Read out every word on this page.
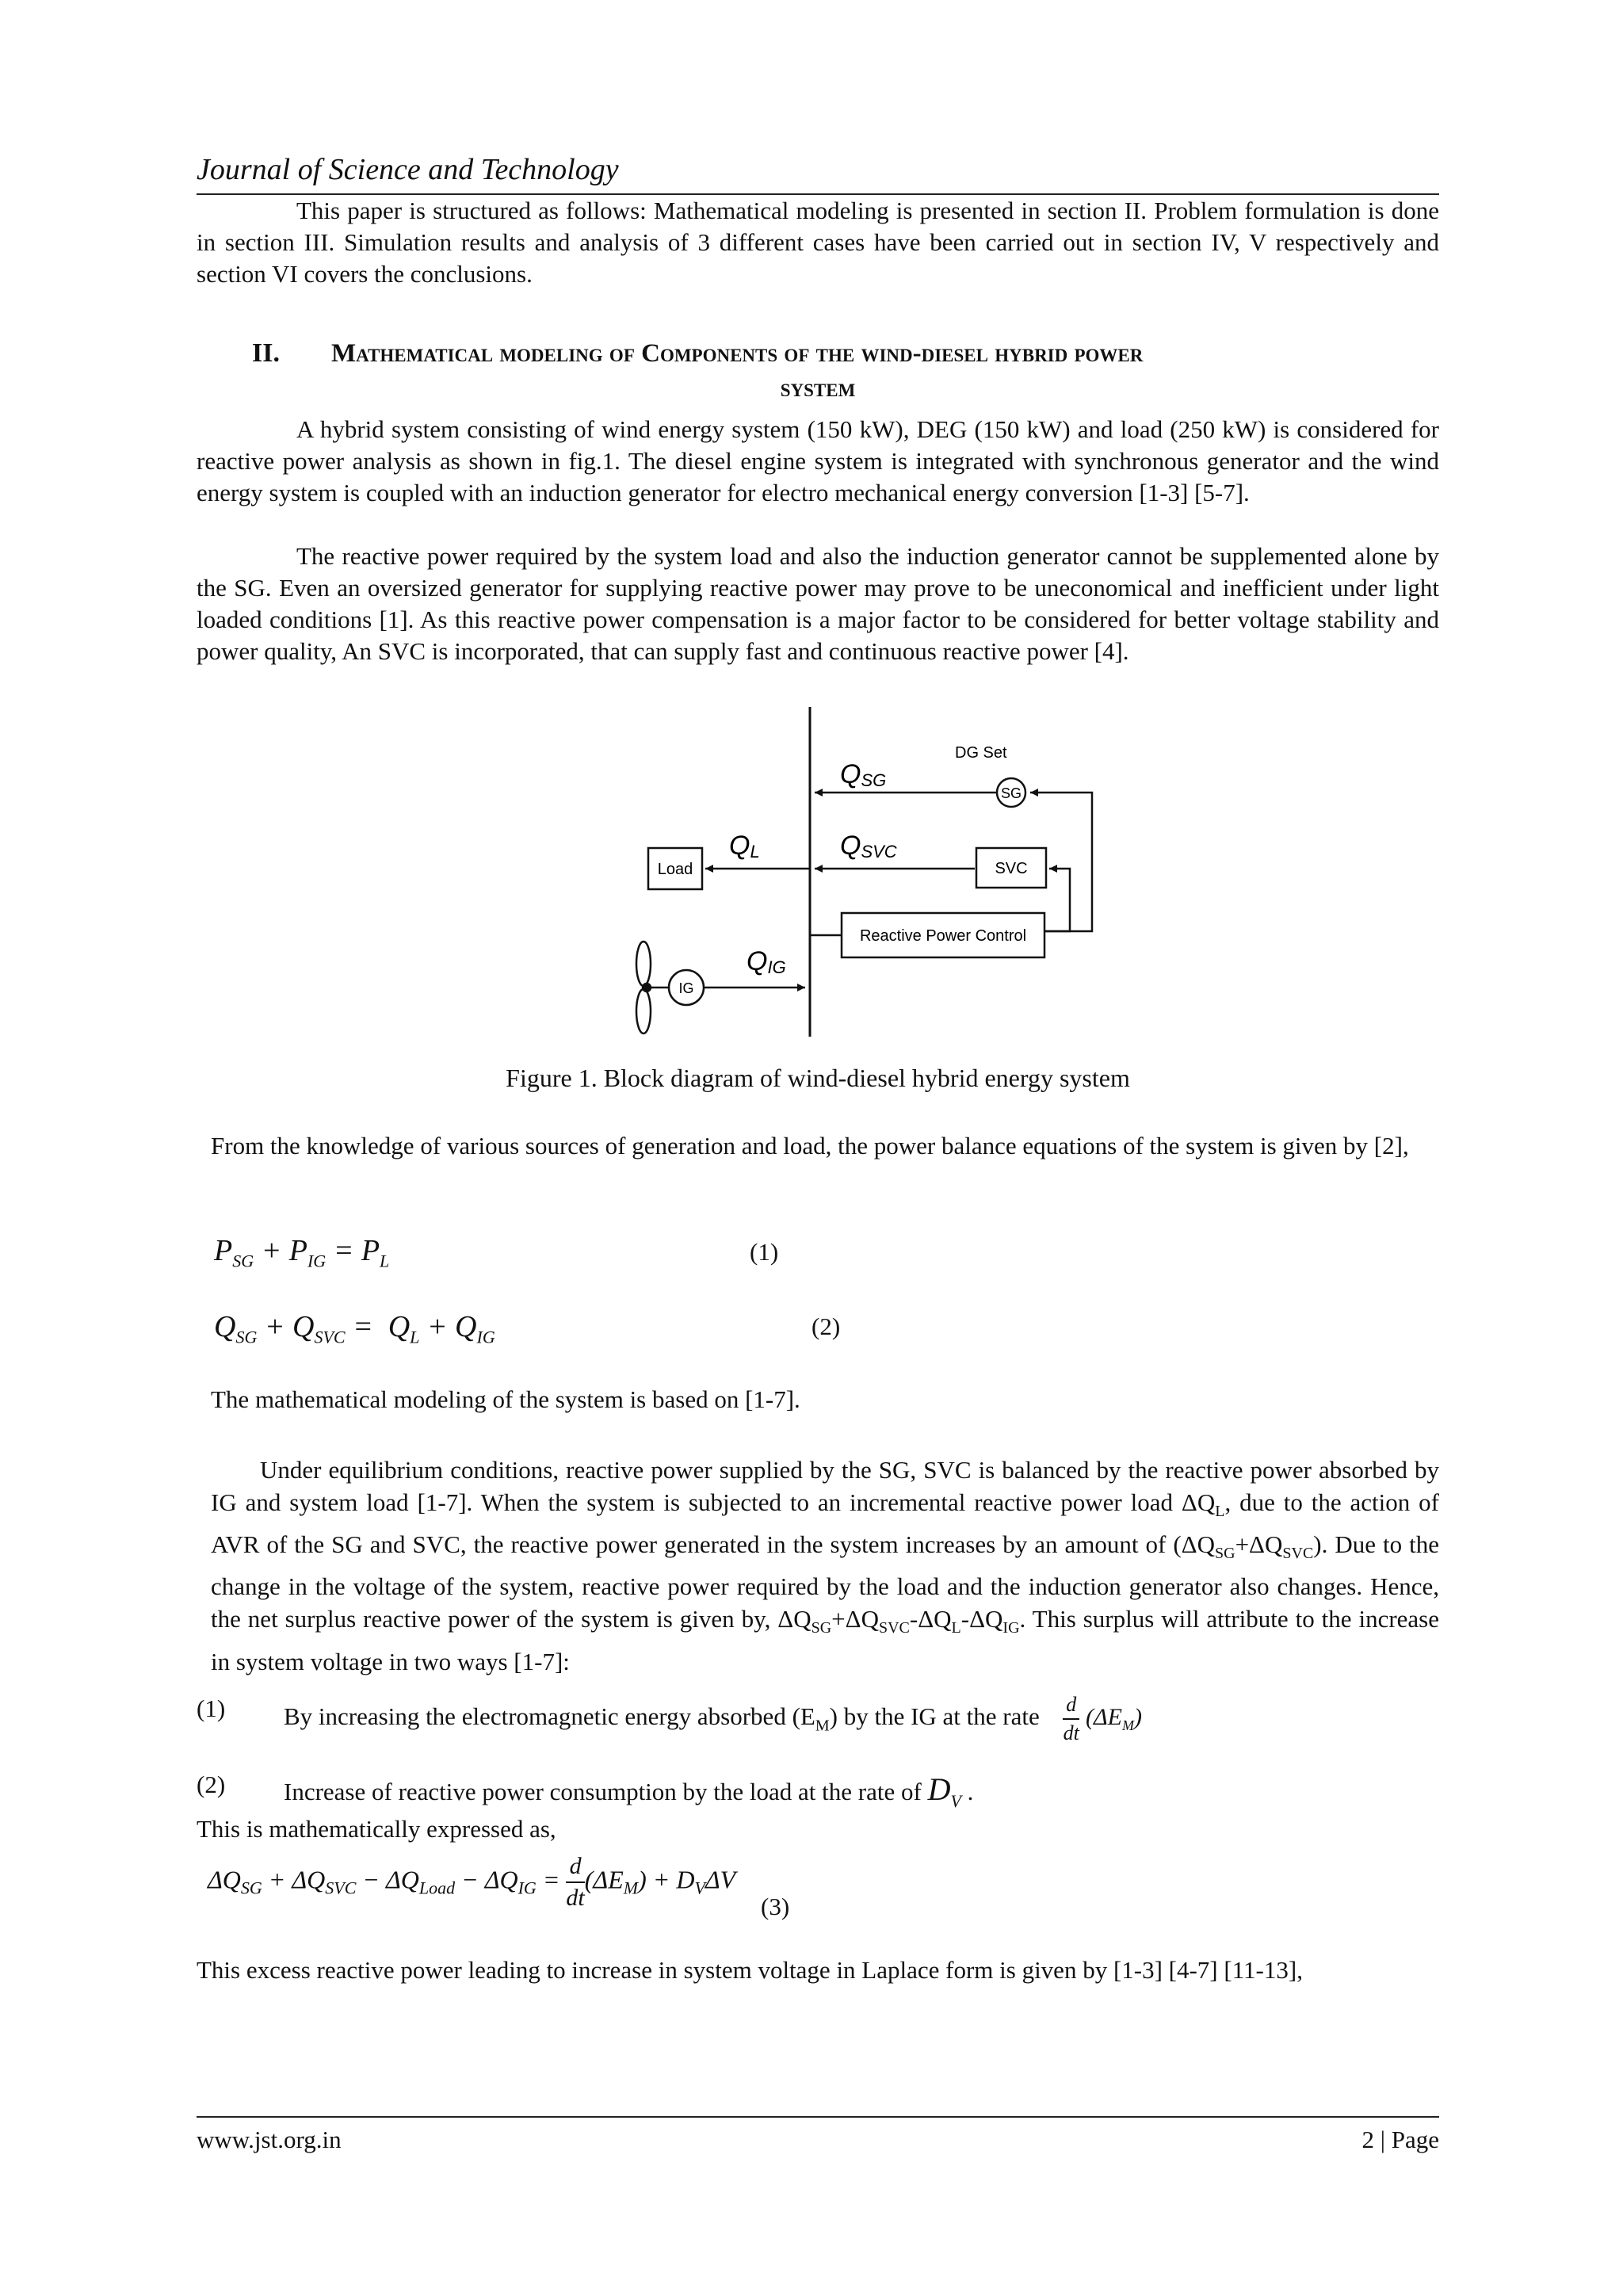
Journal of Science and Technology
This paper is structured as follows: Mathematical modeling is presented in section II. Problem formulation is done in section III. Simulation results and analysis of 3 different cases have been carried out in section IV, V respectively and section VI covers the conclusions.
II. Mathematical modeling of Components of the wind-diesel hybrid power
system
A hybrid system consisting of wind energy system (150 kW), DEG (150 kW) and load (250 kW) is considered for reactive power analysis as shown in fig.1. The diesel engine system is integrated with synchronous generator and the wind energy system is coupled with an induction generator for electro mechanical energy conversion [1-3] [5-7].
The reactive power required by the system load and also the induction generator cannot be supplemented alone by the SG. Even an oversized generator for supplying reactive power may prove to be uneconomical and inefficient under light loaded conditions [1]. As this reactive power compensation is a major factor to be considered for better voltage stability and power quality, An SVC is incorporated, that can supply fast and continuous reactive power [4].
QSG
DG Set
SG
QL
Load
QSVC
SVC
Reactive Power Control
QIG
IG
Figure 1. Block diagram of wind-diesel hybrid energy system
From the knowledge of various sources of generation and load, the power balance equations of the system is given by [2],
$P_{SG} + P_{IG} = P_L$	(1)
$Q_{SG} + Q_{SVC} = Q_L + Q_{IG}$	(2)
The mathematical modeling of the system is based on [1-7].
Under equilibrium conditions, reactive power supplied by the SG, SVC is balanced by the reactive power absorbed by IG and system load [1-7]. When the system is subjected to an incremental reactive power load $\Delta Q_L$, due to the action of AVR of the SG and SVC, the reactive power generated in the system increases by an amount of $(\Delta Q_{SG}+\Delta Q_{SVC})$. Due to the change in the voltage of the system, reactive power required by the load and the induction generator also changes. Hence, the net surplus reactive power of the system is given by, $\Delta Q_{SG}+\Delta Q_{SVC}-\Delta Q_L-\Delta Q_{IG}$. This surplus will attribute to the increase in system voltage in two ways [1-7]:
(1) By increasing the electromagnetic energy absorbed $(E_M)$ by the IG at the rate $\frac{d}{dt} (\Delta E_M)$
(2) Increase of reactive power consumption by the load at the rate of $D_V$ .
This is mathematically expressed as,
$\Delta Q_{SG} + \Delta Q_{SVC} - \Delta Q_{Load} - \Delta Q_{IG} = \frac{d}{dt} (\Delta E_M) + D_V\Delta V$
(3)
This excess reactive power leading to increase in system voltage in Laplace form is given by [1-3] [4-7] [11-13],
www.jst.org.in	2 | Page
